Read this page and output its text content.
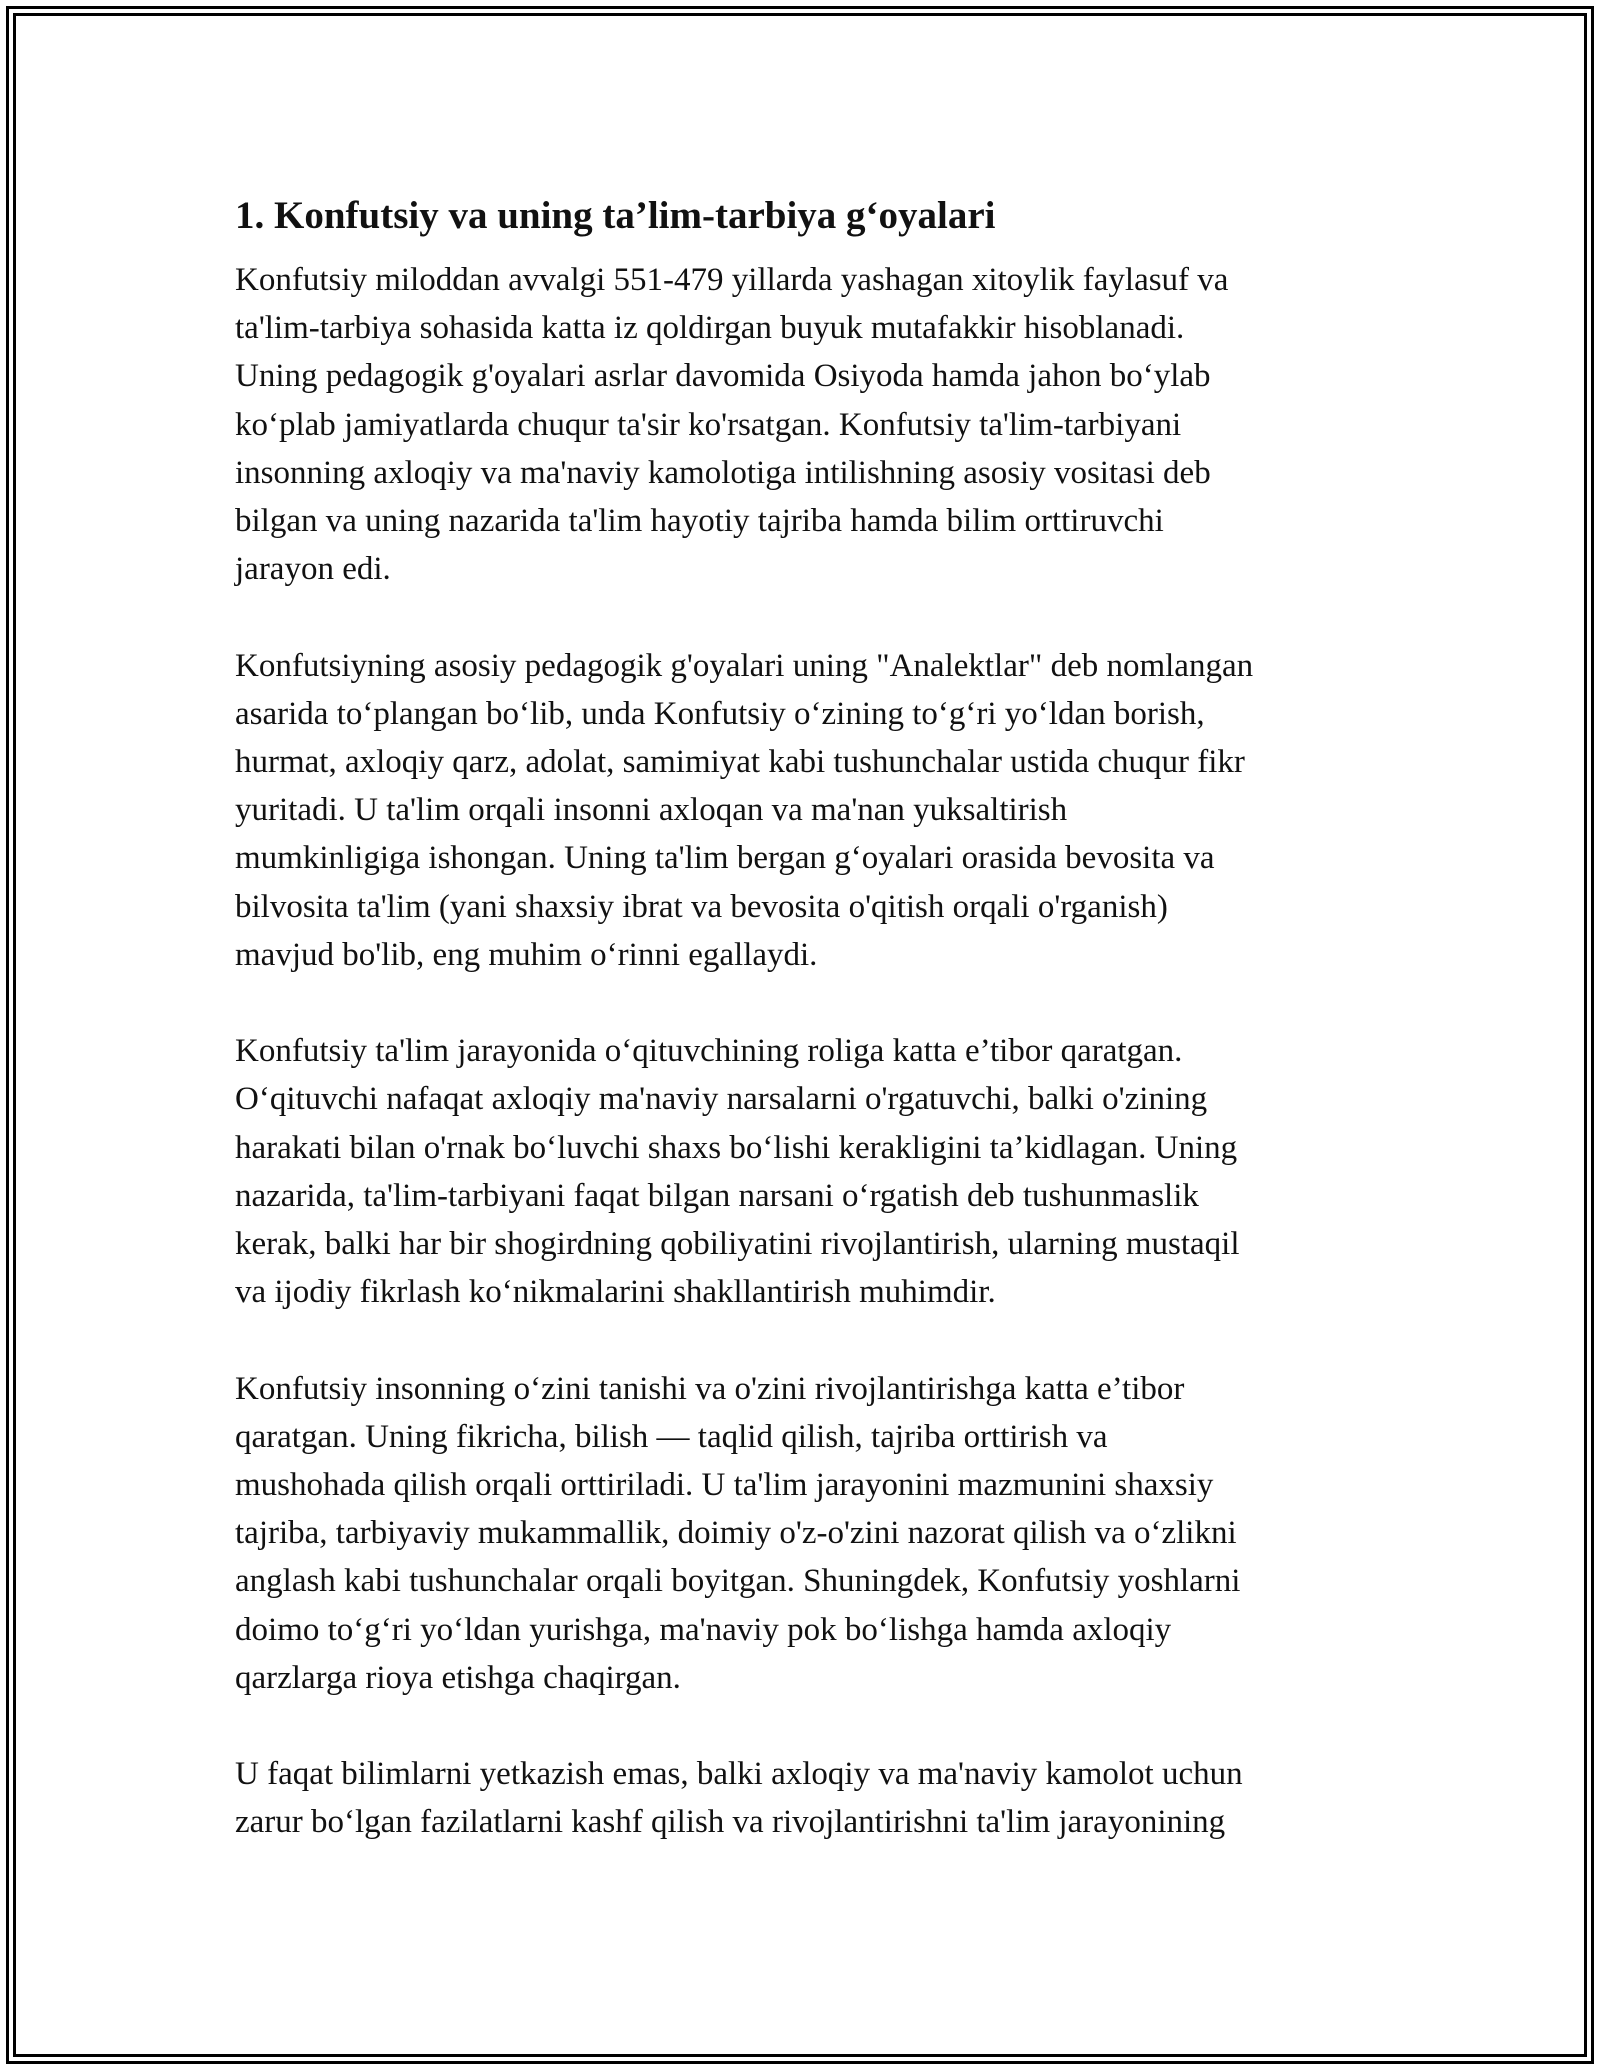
1. Konfutsiy va uning ta’lim-tarbiya g‘oyalari
Konfutsiy miloddan avvalgi 551-479 yillarda yashagan xitoylik faylasuf va
ta'lim-tarbiya sohasida katta iz qoldirgan buyuk mutafakkir hisoblanadi.
Uning pedagogik g'oyalari asrlar davomida Osiyoda hamda jahon bo‘ylab
ko‘plab jamiyatlarda chuqur ta'sir ko'rsatgan. Konfutsiy ta'lim-tarbiyani
insonning axloqiy va ma'naviy kamolotiga intilishning asosiy vositasi deb
bilgan va uning nazarida ta'lim hayotiy tajriba hamda bilim orttiruvchi
jarayon edi.
Konfutsiyning asosiy pedagogik g'oyalari uning "Analektlar" deb nomlangan
asarida to‘plangan bo‘lib, unda Konfutsiy o‘zining to‘g‘ri yo‘ldan borish,
hurmat, axloqiy qarz, adolat, samimiyat kabi tushunchalar ustida chuqur fikr
yuritadi. U ta'lim orqali insonni axloqan va ma'nan yuksaltirish
mumkinligiga ishongan. Uning ta'lim bergan g‘oyalari orasida bevosita va
bilvosita ta'lim (yani shaxsiy ibrat va bevosita o'qitish orqali o'rganish)
mavjud bo'lib, eng muhim o‘rinni egallaydi.
Konfutsiy ta'lim jarayonida o‘qituvchining roliga katta e’tibor qaratgan.
O‘qituvchi nafaqat axloqiy ma'naviy narsalarni o'rgatuvchi, balki o'zining
harakati bilan o'rnak bo‘luvchi shaxs bo‘lishi kerakligini ta’kidlagan. Uning
nazarida, ta'lim-tarbiyani faqat bilgan narsani o‘rgatish deb tushunmaslik
kerak, balki har bir shogirdning qobiliyatini rivojlantirish, ularning mustaqil
va ijodiy fikrlash ko‘nikmalarini shakllantirish muhimdir.
Konfutsiy insonning o‘zini tanishi va o'zini rivojlantirishga katta e’tibor
qaratgan. Uning fikricha, bilish — taqlid qilish, tajriba orttirish va
mushohada qilish orqali orttiriladi. U ta'lim jarayonini mazmunini shaxsiy
tajriba, tarbiyaviy mukammallik, doimiy o'z-o'zini nazorat qilish va o‘zlikni
anglash kabi tushunchalar orqali boyitgan. Shuningdek, Konfutsiy yoshlarni
doimo to‘g‘ri yo‘ldan yurishga, ma'naviy pok bo‘lishga hamda axloqiy
qarzlarga rioya etishga chaqirgan.
U faqat bilimlarni yetkazish emas, balki axloqiy va ma'naviy kamolot uchun
zarur bo‘lgan fazilatlarni kashf qilish va rivojlantirishni ta'lim jarayonining
